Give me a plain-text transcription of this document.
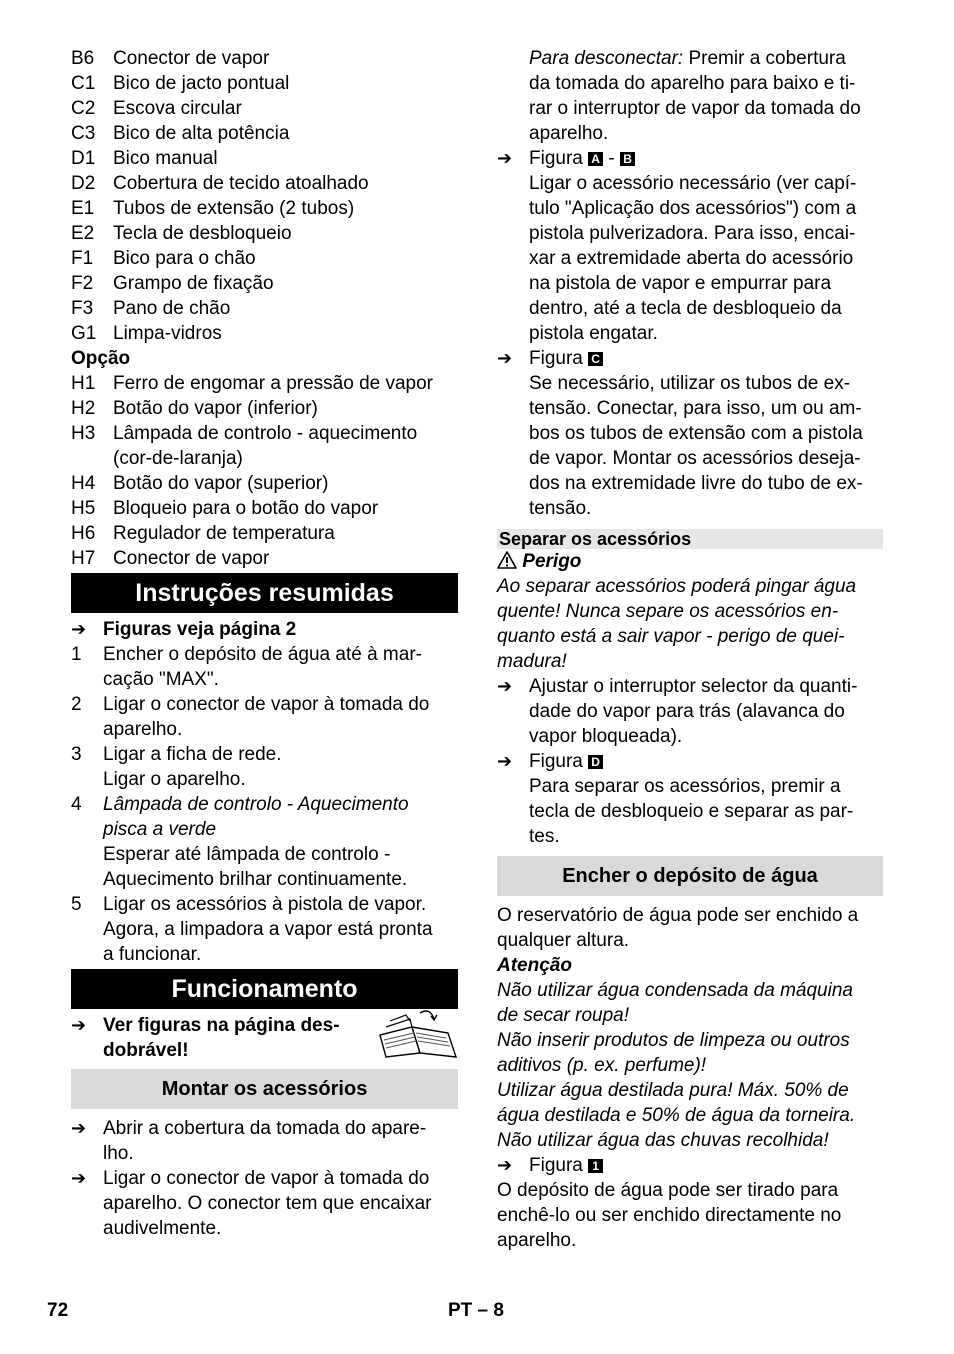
B6 Conector de vapor
C1 Bico de jacto pontual
C2 Escova circular
C3 Bico de alta potência
D1 Bico manual
D2 Cobertura de tecido atoalhado
E1 Tubos de extensão (2 tubos)
E2 Tecla de desbloqueio
F1	Bico para o chão
F2	Grampo de fixação
F3	Pano de chão
G1 Limpa-vidros
Opção
H1 Ferro de engomar a pressão de vapor
H2 Botão do vapor (inferior)
H3 Lâmpada de controlo - aquecimento
(cor-de-laranja)
H4 Botão do vapor (superior)
H5 Bloqueio para o botão do vapor
H6 Regulador de temperatura
H7 Conector de vapor
Instruções resumidas
➔ Figuras veja página 2
1	Encher o depósito de água até à mar-
cação "MAX".
2	Ligar o conector de vapor à tomada do
aparelho.
3	Ligar a ficha de rede.
Ligar o aparelho.
4	Lâmpada de controlo - Aquecimento
pisca a verde
Esperar até lâmpada de controlo -
Aquecimento brilhar continuamente.
5	Ligar os acessórios à pistola de vapor.
Agora, a limpadora a vapor está pronta
a funcionar.
Funcionamento
➔ Ver figuras na página des-
dobrável!
Montar os acessórios
➔ Abrir a cobertura da tomada do apare-
lho.
➔ Ligar o conector de vapor à tomada do
aparelho. O conector tem que encaixar
audivelmente.
Para desconectar: Premir a cobertura
da tomada do aparelho para baixo e ti-
rar o interruptor de vapor da tomada do
aparelho.
➔ Figura A - B
Ligar o acessório necessário (ver capí-
tulo "Aplicação dos acessórios") com a
pistola pulverizadora. Para isso, encai-
xar a extremidade aberta do acessório
na pistola de vapor e empurrar para
dentro, até a tecla de desbloqueio da
pistola engatar.
➔ Figura C
Se necessário, utilizar os tubos de ex-
tensão. Conectar, para isso, um ou am-
bos os tubos de extensão com a pistola
de vapor. Montar os acessórios deseja-
dos na extremidade livre do tubo de ex-
tensão.
Separar os acessórios
Perigo
Ao separar acessórios poderá pingar água
quente! Nunca separe os acessórios en-
quanto está a sair vapor - perigo de quei-
madura!
➔ Ajustar o interruptor selector da quanti-
dade do vapor para trás (alavanca do
vapor bloqueada).
➔ Figura D
Para separar os acessórios, premir a
tecla de desbloqueio e separar as par-
tes.
Encher o depósito de água
O reservatório de água pode ser enchido a
qualquer altura.
Atenção
Não utilizar água condensada da máquina
de secar roupa!
Não inserir produtos de limpeza ou outros
aditivos (p. ex. perfume)!
Utilizar água destilada pura! Máx. 50% de
água destilada e 50% de água da torneira.
Não utilizar água das chuvas recolhida!
➔ Figura 1
O depósito de água pode ser tirado para
enchê-lo ou ser enchido directamente no
aparelho.
72	PT – 8
